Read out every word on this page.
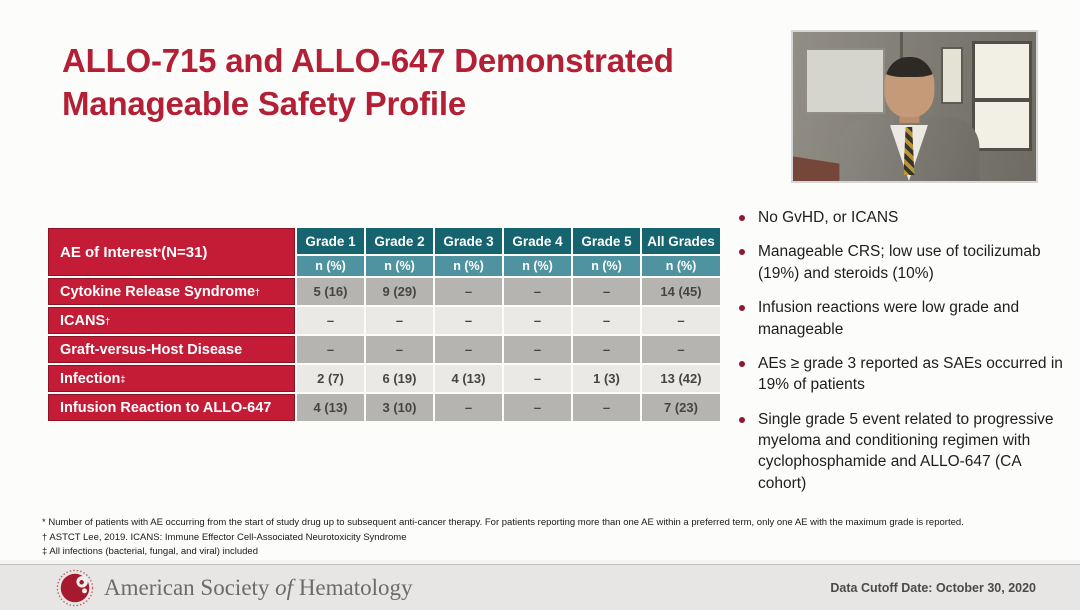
ALLO-715 and ALLO-647 Demonstrated
Manageable Safety Profile
AE of Interest * (N=31)
Grade 1	Grade 2	Grade 3	Grade 4	Grade 5	All Grades
n (%)	n (%)	n (%)	n (%)	n (%)	n (%)
Cytokine Release Syndrome †	5 (16)	9 (29)	–	–	–	14 (45)
ICANS †	–	–	–	–	–	–
Graft-versus-Host Disease	–	–	–	–	–	–
Infection ‡	2 (7)	6 (19)	4 (13)	–	1 (3)	13 (42)
Infusion Reaction to ALLO-647	4 (13)	3 (10)	–	–	–	7 (23)
No GvHD, or ICANS
Manageable CRS; low use of tocilizumab (19%) and steroids (10%)
Infusion reactions were low grade and manageable
AEs ≥ grade 3 reported as SAEs occurred in 19% of patients
Single grade 5 event related to progressive myeloma and conditioning regimen with cyclophosphamide and ALLO-647 (CA cohort)
* Number of patients with AE occurring from the start of study drug up to subsequent anti-cancer therapy. For patients reporting more than one AE within a preferred term, only one AE with the maximum grade is reported.
† ASTCT Lee, 2019. ICANS: Immune Effector Cell-Associated Neurotoxicity Syndrome
‡ All infections (bacterial, fungal, and viral) included
American Society of Hematology	Data Cutoff Date: October 30, 2020
